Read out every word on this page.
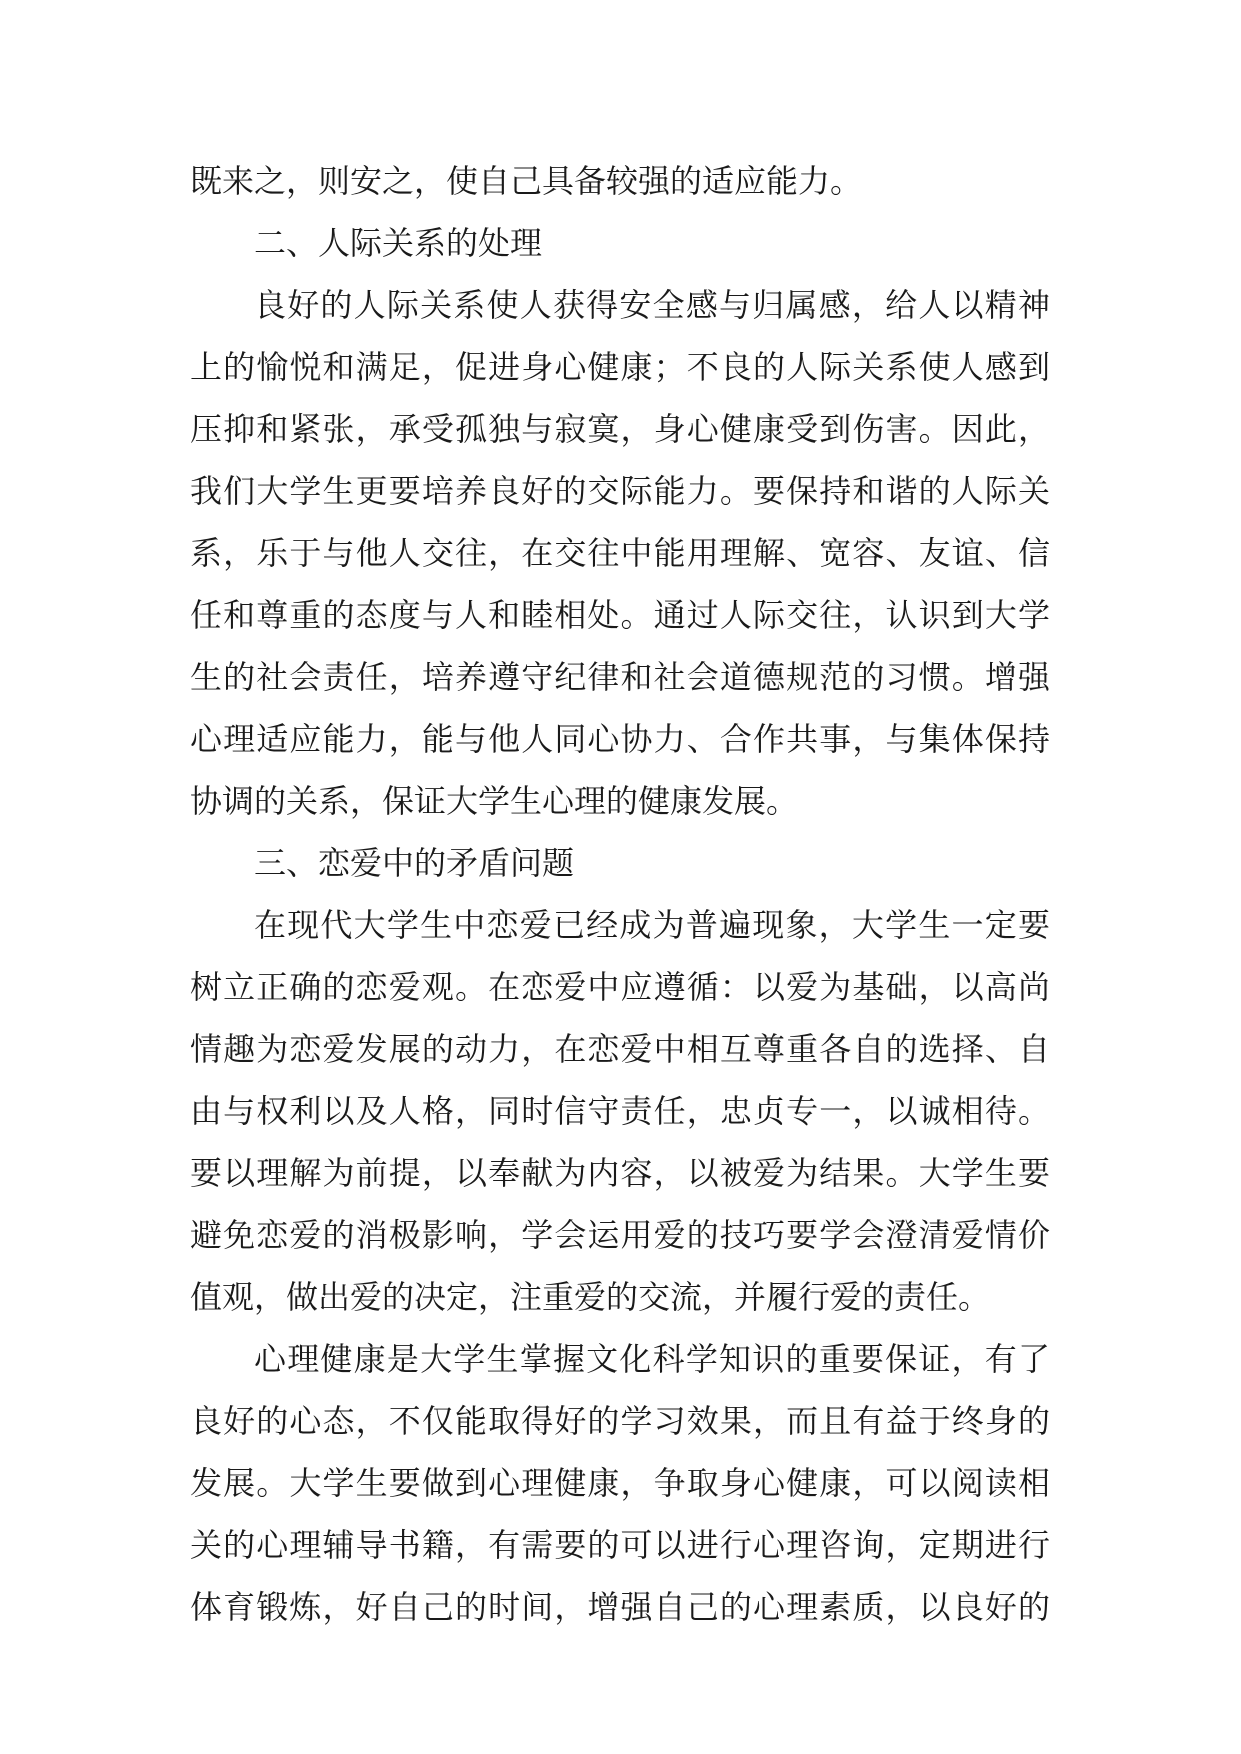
既来之，则安之，使自己具备较强的适应能力。
二、人际关系的处理
良好的人际关系使人获得安全感与归属感，给人以精神
上的愉悦和满足，促进身心健康；不良的人际关系使人感到
压抑和紧张，承受孤独与寂寞，身心健康受到伤害。因此，
我们大学生更要培养良好的交际能力。要保持和谐的人际关
系，乐于与他人交往，在交往中能用理解、宽容、友谊、信
任和尊重的态度与人和睦相处。通过人际交往，认识到大学
生的社会责任，培养遵守纪律和社会道德规范的习惯。增强
心理适应能力，能与他人同心协力、合作共事，与集体保持
协调的关系，保证大学生心理的健康发展。
三、恋爱中的矛盾问题
在现代大学生中恋爱已经成为普遍现象，大学生一定要
树立正确的恋爱观。在恋爱中应遵循：以爱为基础，以高尚
情趣为恋爱发展的动力，在恋爱中相互尊重各自的选择、自
由与权利以及人格，同时信守责任，忠贞专一，以诚相待。
要以理解为前提，以奉献为内容，以被爱为结果。大学生要
避免恋爱的消极影响，学会运用爱的技巧要学会澄清爱情价
值观，做出爱的决定，注重爱的交流，并履行爱的责任。
心理健康是大学生掌握文化科学知识的重要保证，有了
良好的心态，不仅能取得好的学习效果，而且有益于终身的
发展。大学生要做到心理健康，争取身心健康，可以阅读相
关的心理辅导书籍，有需要的可以进行心理咨询，定期进行
体育锻炼，好自己的时间，增强自己的心理素质，以良好的
